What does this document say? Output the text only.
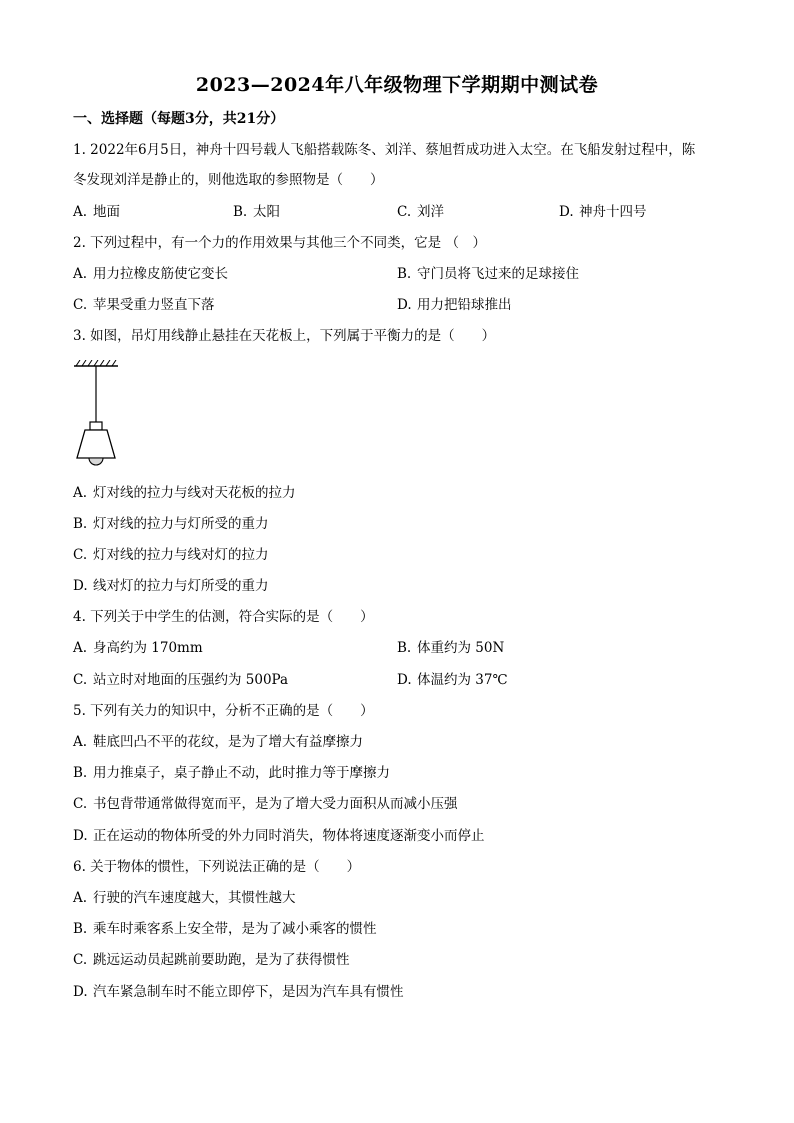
2023—2024年八年级物理下学期期中测试卷
一、选择题（每题3分，共21分）
1. 2022年6月5日，神舟十四号载人飞船搭载陈冬、刘洋、蔡旭哲成功进入太空。在飞船发射过程中，陈
冬发现刘洋是静止的，则他选取的参照物是（　　）
A. 地面	B. 太阳	C. 刘洋	D. 神舟十四号
2. 下列过程中，有一个力的作用效果与其他三个不同类，它是 （　）
A. 用力拉橡皮筋使它变长	B. 守门员将飞过来的足球接住
C. 苹果受重力竖直下落	D. 用力把铅球推出
3. 如图，吊灯用线静止悬挂在天花板上，下列属于平衡力的是（　　）
A. 灯对线的拉力与线对天花板的拉力
B. 灯对线的拉力与灯所受的重力
C. 灯对线的拉力与线对灯的拉力
D. 线对灯的拉力与灯所受的重力
4. 下列关于中学生的估测，符合实际的是（　　）
A. 身高约为 170mm	B. 体重约为 50N
C. 站立时对地面的压强约为 500Pa	D. 体温约为 37℃
5. 下列有关力的知识中，分析不正确的是（　　）
A. 鞋底凹凸不平的花纹，是为了增大有益摩擦力
B. 用力推桌子，桌子静止不动，此时推力等于摩擦力
C. 书包背带通常做得宽而平，是为了增大受力面积从而减小压强
D. 正在运动的物体所受的外力同时消失，物体将速度逐渐变小而停止
6. 关于物体的惯性，下列说法正确的是（　　）
A. 行驶的汽车速度越大，其惯性越大
B. 乘车时乘客系上安全带，是为了减小乘客的惯性
C. 跳远运动员起跳前要助跑，是为了获得惯性
D. 汽车紧急制车时不能立即停下，是因为汽车具有惯性
